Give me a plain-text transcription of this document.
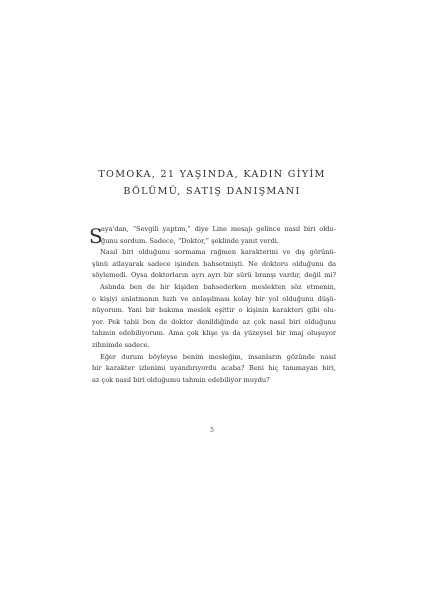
TOMOKA, 21 YAŞINDA, KADIN GİYİM
BÖLÜMÜ, SATIŞ DANIŞMANI
S
aya'dan, “Sevgili yaptım,” diye Line mesajı gelince nasıl biri oldu-
ğunu sordum. Sadece, “Doktor,” şeklinde yanıt verdi.
Nasıl biri olduğunu sormama rağmen karakterini ve dış görünü-
şünü atlayarak sadece işinden bahsetmişti. Ne doktoru olduğunu da
söylemedi. Oysa doktorların ayrı ayrı bir sürü branşı vardır, değil mi?
Aslında ben de bir kişiden bahsederken meslekten söz etmenin,
o kişiyi anlatmanın hızlı ve anlaşılması kolay bir yol olduğunu düşü-
nüyorum. Yani bir bakıma meslek eşittir o kişinin karakteri gibi olu-
yor. Pek tabii ben de doktor denildiğinde az çok nasıl biri olduğunu
tahmin edebiliyorum. Ama çok klişe ya da yüzeysel bir imaj oluşuyor
zihnimde sadece.
Eğer durum böyleyse benim mesleğim, insanların gözünde nasıl
bir karakter izlenimi uyandırıyordu acaba? Beni hiç tanımayan biri,
az çok nasıl biri olduğumu tahmin edebiliyor muydu?
5
